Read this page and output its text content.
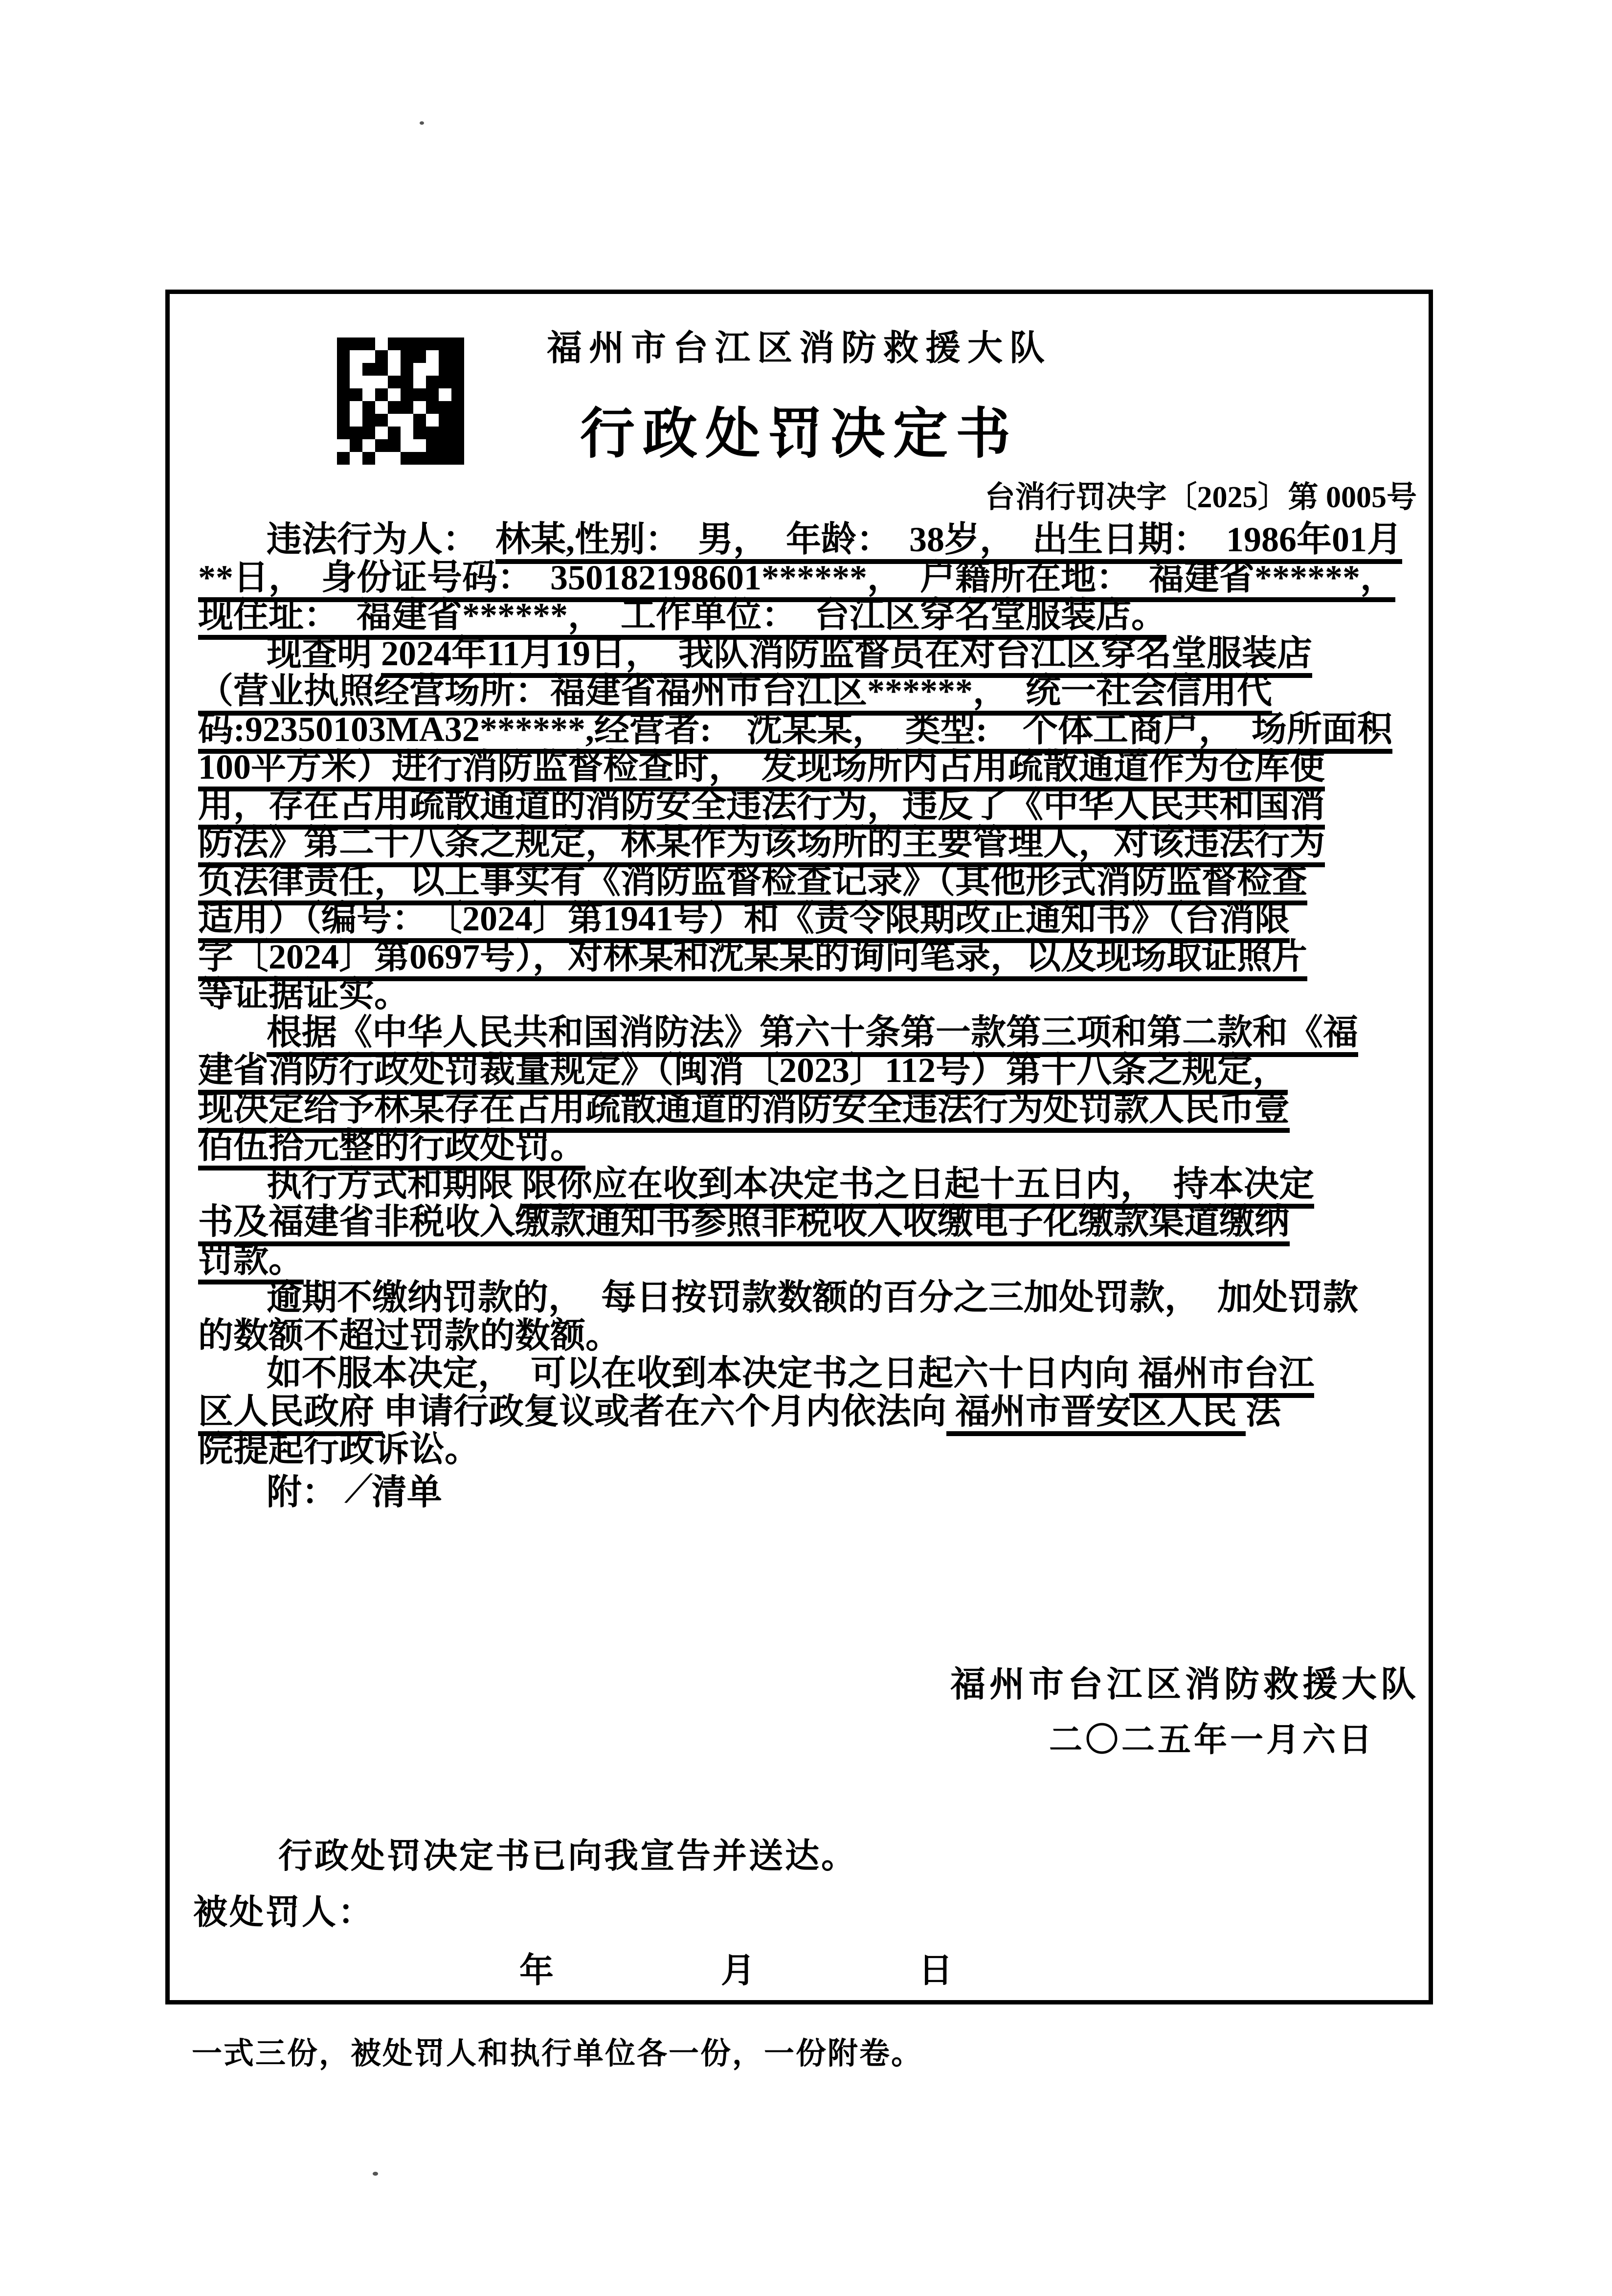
福州市台江区消防救援大队
行政处罚决定书
台消行罚决字〔2025〕第 0005号
违法行为人：　林某,性别：　男，　年龄：　38岁，　出生日期：　1986年01月
**日，　身份证号码：　350182198601******，　户籍所在地：　福建省******，
现住址：　福建省******，　工作单位：　台江区穿名堂服装店。
现查明 2024年11月19日，　我队消防监督员在对台江区穿名堂服装店
（营业执照经营场所：福建省福州市台江区******，　统一社会信用代
码:92350103MA32******,经营者:　沈某某，　类型:　个体工商户，　场所面积
100平方米）进行消防监督检查时，　发现场所内占用疏散通道作为仓库使
用，存在占用疏散通道的消防安全违法行为，违反了《中华人民共和国消
防法》第二十八条之规定，林某作为该场所的主要管理人，对该违法行为
负法律责任，以上事实有《消防监督检查记录》（其他形式消防监督检查
适用）（编号：　〔2024〕第1941号）和《责令限期改正通知书》（台消限
字〔2024〕第0697号），对林某和沈某某的询问笔录，以及现场取证照片
等证据证实。
根据《中华人民共和国消防法》第六十条第一款第三项和第二款和《福
建省消防行政处罚裁量规定》（闽消〔2023〕112号）第十八条之规定，
现决定给予林某存在占用疏散通道的消防安全违法行为处罚款人民币壹
佰伍拾元整的行政处罚。
执行方式和期限 限你应在收到本决定书之日起十五日内，　持本决定
书及福建省非税收入缴款通知书参照非税收入收缴电子化缴款渠道缴纳
罚款。
逾期不缴纳罚款的，　每日按罚款数额的百分之三加处罚款，　加处罚款
的数额不超过罚款的数额。
如不服本决定，　可以在收到本决定书之日起六十日内向 福州市台江
区人民政府 申请行政复议或者在六个月内依法向 福州市晋安区人民 法
院提起行政诉讼。
附：　∕ 清单
福州市台江区消防救援大队
二〇二五年一月六日
行政处罚决定书已向我宣告并送达。
被处罚人：
年	月	日
一式三份，被处罚人和执行单位各一份，一份附卷。
